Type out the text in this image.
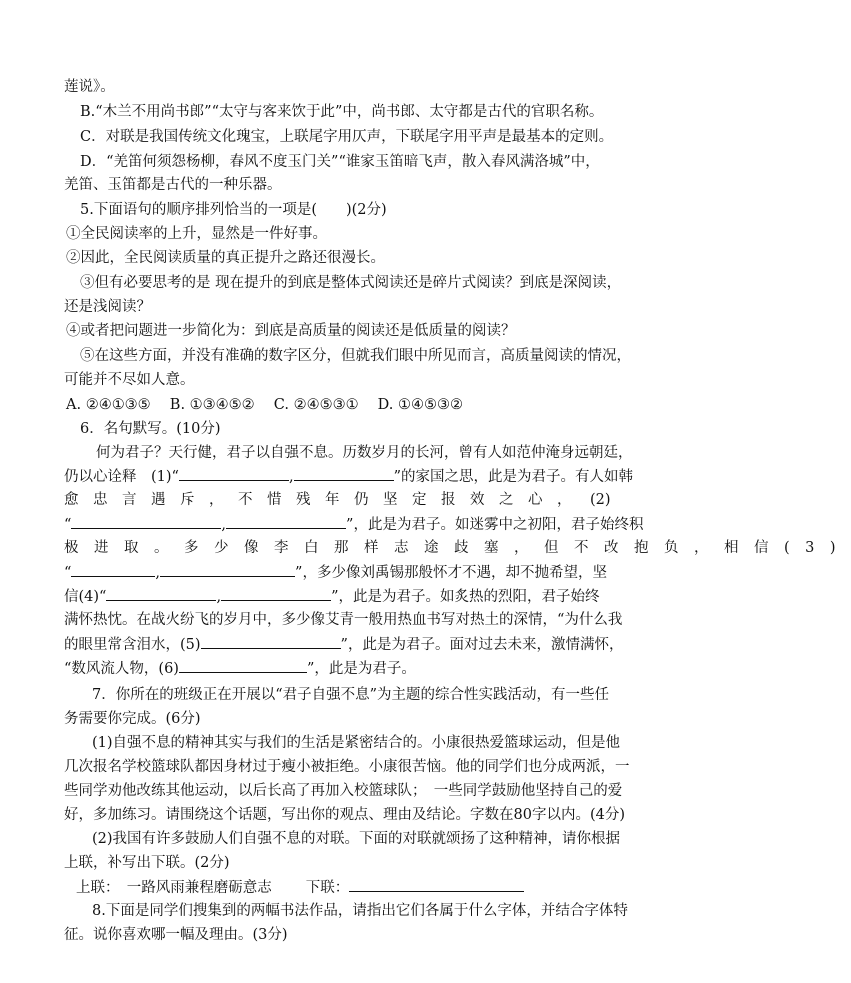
莲说》。
B.“木兰不用尚书郎”“太守与客来饮于此”中，尚书郎、太守都是古代的官职名称。
C．对联是我国传统文化瑰宝，上联尾字用仄声，下联尾字用平声是最基本的定则。
D．“羌笛何须怨杨柳，春风不度玉门关”“谁家玉笛暗飞声，散入春风满洛城”中，
羌笛、玉笛都是古代的一种乐器。
5.下面语句的顺序排列恰当的一项是(　　)(2分)
①全民阅读率的上升，显然是一件好事。
②因此，全民阅读质量的真正提升之路还很漫长。
③但有必要思考的是 现在提升的到底是整体式阅读还是碎片式阅读？到底是深阅读，
还是浅阅读？
④或者把问题进一步简化为：到底是高质量的阅读还是低质量的阅读？
⑤在这些方面，并没有准确的数字区分，但就我们眼中所见而言，高质量阅读的情况，
可能并不尽如人意。
A. ②④①③⑤　 B. ①③④⑤②　 C. ②④⑤③①　 D. ①④⑤③②
6．名句默写。(10分)
何为君子？天行健，君子以自强不息。历数岁月的长河，曾有人如范仲淹身远朝廷，
仍以心诠释　(1)“	,	”的家国之思，此是为君子。有人如韩
愈忠言遇斥，不惜残年仍坚定报效之心， (2)
“	,	”，此是为君子。如迷雾中之初阳，君子始终积
极进取。多少像李白那样志途歧塞，但不改抱负，相信(3)
“	,	”，多少像刘禹锡那般怀才不遇，却不抛希望，坚
信(4)“	,	”，此是为君子。如炙热的烈阳，君子始终
满怀热忱。在战火纷飞的岁月中，多少像艾青一般用热血书写对热土的深情，“为什么我
的眼里常含泪水，(5)	”，此是为君子。面对过去未来，激情满怀，
“数风流人物，(6)	”，此是为君子。
7．你所在的班级正在开展以“君子自强不息”为主题的综合性实践活动，有一些任
务需要你完成。(6分)
(1)自强不息的精神其实与我们的生活是紧密结合的。小康很热爱篮球运动，但是他
几次报名学校篮球队都因身材过于瘦小被拒绝。小康很苦恼。他的同学们也分成两派，一
些同学劝他改练其他运动，以后长高了再加入校篮球队；　一些同学鼓励他坚持自己的爱
好，多加练习。请围绕这个话题，写出你的观点、理由及结论。字数在80字以内。(4分)
(2)我国有许多鼓励人们自强不息的对联。下面的对联就颂扬了这种精神，请你根据
上联，补写出下联。(2分)
上联：　一路风雨兼程磨砺意志 下联：
8.下面是同学们搜集到的两幅书法作品，请指出它们各属于什么字体，并结合字体特
征。说你喜欢哪一幅及理由。(3分)
